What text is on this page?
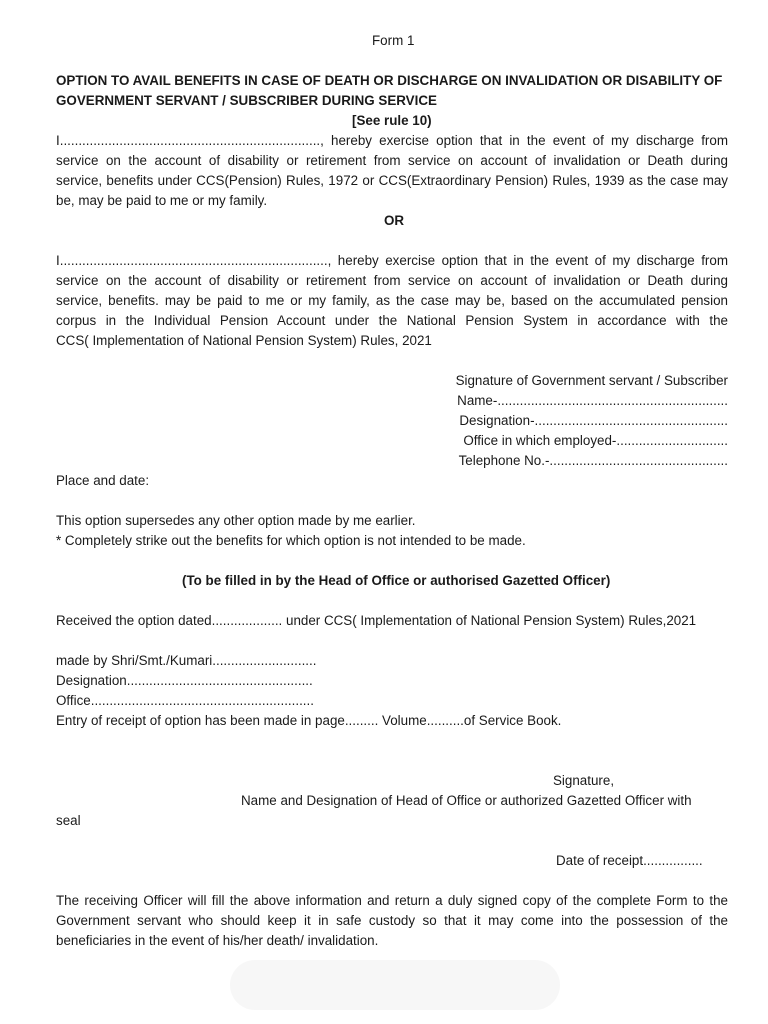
Form 1
OPTION TO AVAIL BENEFITS IN CASE OF DEATH OR DISCHARGE ON INVALIDATION OR DISABILITY OF
GOVERNMENT SERVANT / SUBSCRIBER DURING SERVICE
[See rule 10)

I......................................................................, hereby exercise option that in the event of my discharge from

service on the account of disability or retirement from service on account of invalidation or Death during

service, benefits under CCS(Pension) Rules, 1972 or CCS(Extraordinary Pension) Rules, 1939 as the case may

be, may be paid to me or my family.

OR

I........................................................................, hereby exercise option that in the event of my discharge from

service on the account of disability or retirement from service on account of invalidation or Death during

service, benefits. may be paid to me or my family, as the case may be, based on the accumulated pension

corpus in the Individual Pension Account under the National Pension System in accordance with the

CCS( Implementation of National Pension System) Rules, 2021

Signature of Government servant / Subscriber
Name-..............................................................
Designation-....................................................
Office in which employed-..............................
Telephone No.-................................................
Place and date:
This option supersedes any other option made by me earlier.
* Completely strike out the benefits for which option is not intended to be made.
(To be filled in by the Head of Office or authorised Gazetted Officer)
Received the option dated................... under CCS( Implementation of National Pension System) Rules,2021
made by Shri/Smt./Kumari............................
Designation..................................................
Office............................................................
Entry of receipt of option has been made in page......... Volume..........of Service Book.
Signature,
Name and Designation of Head of Office or authorized Gazetted Officer with
seal
Date of receipt................

The receiving Officer will fill the above information and return a duly signed copy of the complete Form to the

Government servant who should keep it in safe custody so that it may come into the possession of the

beneficiaries in the event of his/her death/ invalidation.
